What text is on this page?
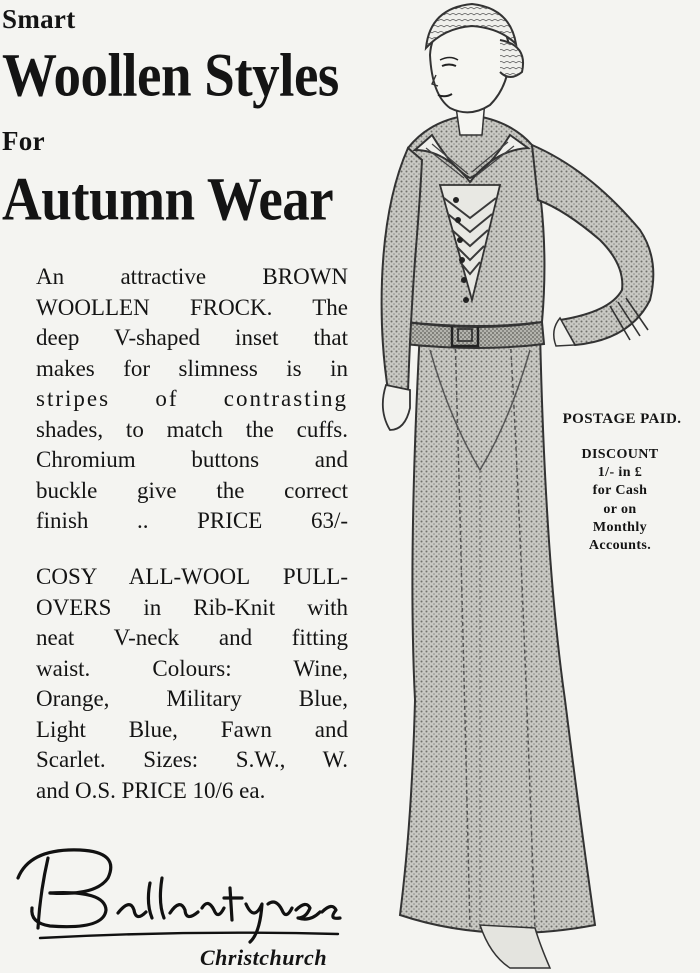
Smart
Woollen Styles
For
Autumn Wear
An attractive BROWN
WOOLLEN FROCK. The
deep V-shaped inset that
makes for slimness is in
stripes of contrasting
shades, to match the cuffs.
Chromium buttons and
buckle give the correct
finish .. PRICE 63/-
COSY ALL-WOOL PULL-
OVERS in Rib-Knit with
neat V-neck and fitting
waist. Colours: Wine,
Orange, Military Blue,
Light Blue, Fawn and
Scarlet. Sizes: S.W., W.
and O.S. PRICE 10/6 ea.
POSTAGE PAID.
DISCOUNT
1/- in £
for Cash
or on
Monthly
Accounts.
Christchurch
